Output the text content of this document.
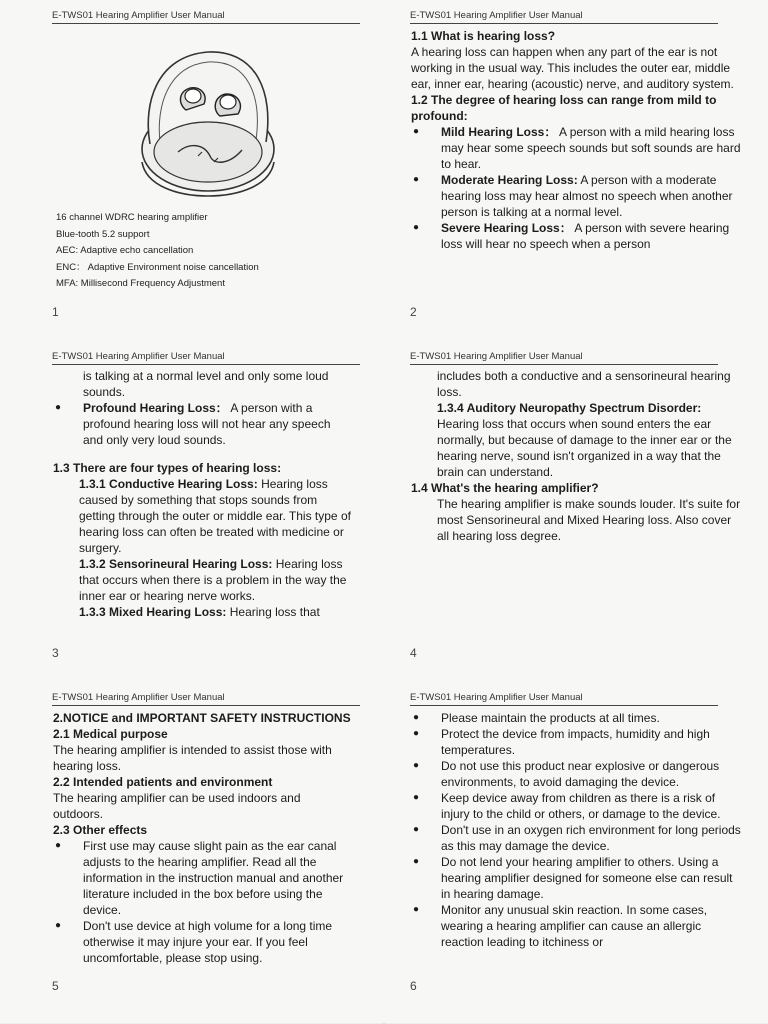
E-TWS01 Hearing Amplifier User Manual
16 channel WDRC hearing amplifier
Blue-tooth 5.2 support
AEC: Adaptive echo cancellation
ENC： Adaptive Environment noise cancellation
MFA: Millisecond Frequency Adjustment
1
E-TWS01 Hearing Amplifier User Manual

1.1 What is hearing loss?

A hearing loss can happen when any part of the ear is not working in the usual way. This includes the outer ear, middle ear, inner ear, hearing (acoustic) nerve, and auditory system.

1.2 The degree of hearing loss can range from mild to profound:

● Mild Hearing Loss： A person with a mild hearing loss may hear some speech sounds but soft sounds are hard to hear.

● Moderate Hearing Loss: A person with a moderate hearing loss may hear almost no speech when another person is talking at a normal level.

● Severe Hearing Loss： A person with severe hearing loss will hear no speech when a person

2
E-TWS01 Hearing Amplifier User Manual

is talking at a normal level and only some loud sounds.

● Profound Hearing Loss： A person with a profound hearing loss will not hear any speech and only very loud sounds.

1.3 There are four types of hearing loss:

1.3.1 Conductive Hearing Loss: Hearing loss caused by something that stops sounds from getting through the outer or middle ear. This type of hearing loss can often be treated with medicine or surgery.

1.3.2 Sensorineural Hearing Loss: Hearing loss that occurs when there is a problem in the way the inner ear or hearing nerve works.

1.3.3 Mixed Hearing Loss: Hearing loss that

3
E-TWS01 Hearing Amplifier User Manual

includes both a conductive and a sensorineural hearing loss.

1.3.4 Auditory Neuropathy Spectrum Disorder: Hearing loss that occurs when sound enters the ear normally, but because of damage to the inner ear or the hearing nerve, sound isn't organized in a way that the brain can understand.

1.4 What's the hearing amplifier?

The hearing amplifier is make sounds louder. It's suite for most Sensorineural and Mixed Hearing loss. Also cover all hearing loss degree.

4
E-TWS01 Hearing Amplifier User Manual

2.NOTICE and IMPORTANT SAFETY INSTRUCTIONS

2.1 Medical purpose

The hearing amplifier is intended to assist those with hearing loss.

2.2 Intended patients and environment

The hearing amplifier can be used indoors and outdoors.

2.3 Other effects

● First use may cause slight pain as the ear canal adjusts to the hearing amplifier. Read all the information in the instruction manual and another literature included in the box before using the device.

● Don't use device at high volume for a long time otherwise it may injure your ear. If you feel uncomfortable, please stop using.

5
E-TWS01 Hearing Amplifier User Manual

● Please maintain the products at all times.

● Protect the device from impacts, humidity and high temperatures.

● Do not use this product near explosive or dangerous environments, to avoid damaging the device.

● Keep device away from children as there is a risk of injury to the child or others, or damage to the device.

● Don't use in an oxygen rich environment for long periods as this may damage the device.

● Do not lend your hearing amplifier to others. Using a hearing amplifier designed for someone else can result in hearing damage.

● Monitor any unusual skin reaction. In some cases, wearing a hearing amplifier can cause an allergic reaction leading to itchiness or

6
